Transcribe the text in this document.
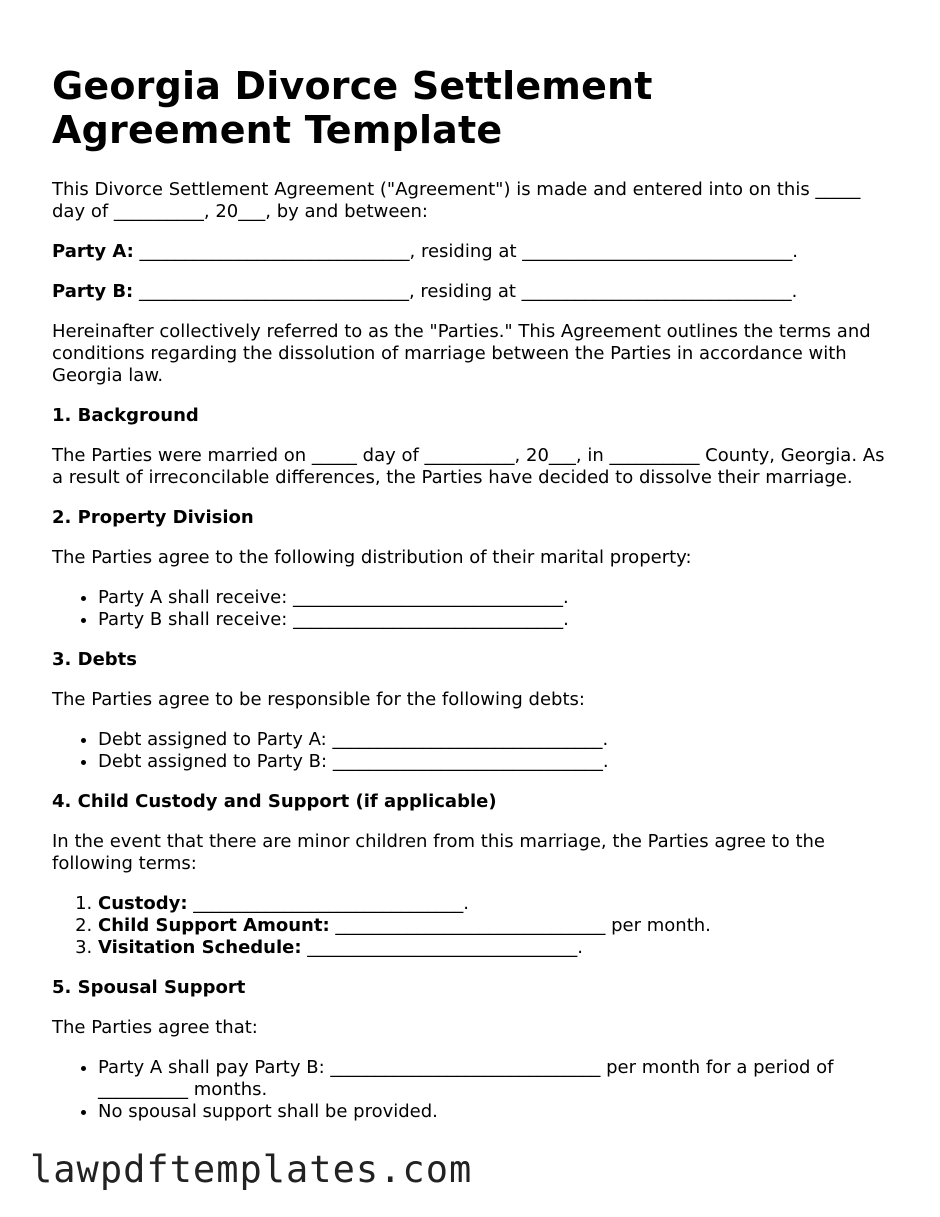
Georgia Divorce Settlement Agreement Template

This Divorce Settlement Agreement ("Agreement") is made and entered into on this _____ day of __________, 20___, by and between:

Party A: ______________________________, residing at ______________________________.

Party B: ______________________________, residing at ______________________________.

Hereinafter collectively referred to as the "Parties." This Agreement outlines the terms and conditions regarding the dissolution of marriage between the Parties in accordance with Georgia law.

1. Background

The Parties were married on _____ day of __________, 20___, in __________ County, Georgia. As a result of irreconcilable differences, the Parties have decided to dissolve their marriage.

2. Property Division

The Parties agree to the following distribution of their marital property:

• Party A shall receive: ______________________________.
• Party B shall receive: ______________________________.
3. Debts

The Parties agree to be responsible for the following debts:

• Debt assigned to Party A: ______________________________.
• Debt assigned to Party B: ______________________________.
4. Child Custody and Support (if applicable)

In the event that there are minor children from this marriage, the Parties agree to the following terms:

1. Custody: ______________________________.
2. Child Support Amount: ______________________________ per month.
3. Visitation Schedule: ______________________________.
5. Spousal Support

The Parties agree that:

• Party A shall pay Party B: ______________________________ per month for a period of __________ months.
• No spousal support shall be provided.
lawpdftemplates.com
